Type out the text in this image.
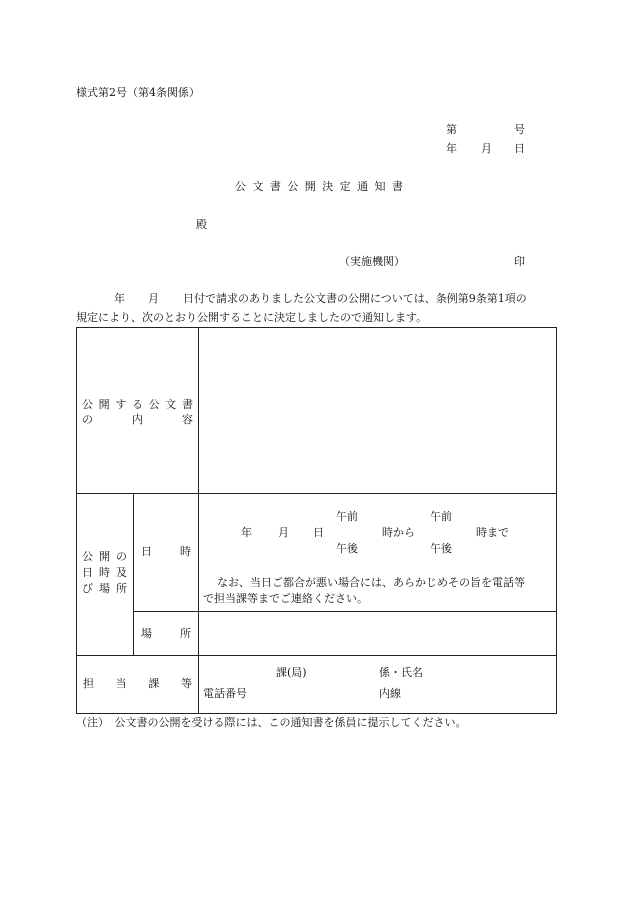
様式第2号（第4条関係）
第	号
年 月 日
公 文 書 公 開 決 定 通 知 書
殿
（実施機関）	印
年 月 日付で請求のありました公文書の公開については、条例第9条第1項の
規定により、次のとおり公開することに決定しましたので通知します。
公 開 す る 公 文 書
の	内	容
公 開 の
日 時 及
び 場 所
日	時
午前	午前
年 月 日	時から	時まで
午後	午後
なお、当日ご都合が悪い場合には、あらかじめその旨を電話等
で担当課等までご連絡ください。
場	所
担 当 課 等
課(局)	係・氏名
電話番号	内線
（注）　公文書の公開を受ける際には、この通知書を係員に提示してください。
